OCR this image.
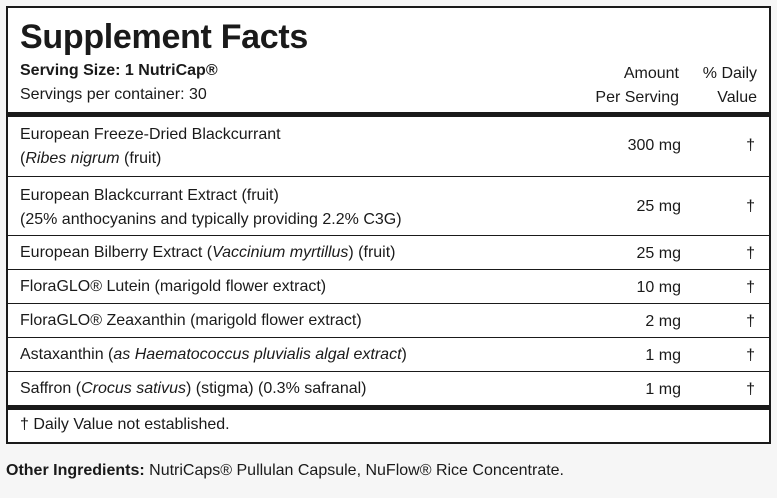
Supplement Facts
Serving Size: 1 NutriCap®
Servings per container: 30
Amount
Per Serving
% Daily
Value
European Freeze-Dried Blackcurrant
(Ribes nigrum (fruit)
300 mg	†
European Blackcurrant Extract (fruit)
(25% anthocyanins and typically providing 2.2% C3G)
25 mg	†
European Bilberry Extract (Vaccinium myrtillus) (fruit)	25 mg	†
FloraGLO® Lutein (marigold flower extract)	10 mg	†
FloraGLO® Zeaxanthin (marigold flower extract)	2 mg	†
Astaxanthin (as Haematococcus pluvialis algal extract)	1 mg	†
Saffron (Crocus sativus) (stigma) (0.3% safranal)	1 mg	†
† Daily Value not established.
Other Ingredients: NutriCaps® Pullulan Capsule, NuFlow® Rice Concentrate.
